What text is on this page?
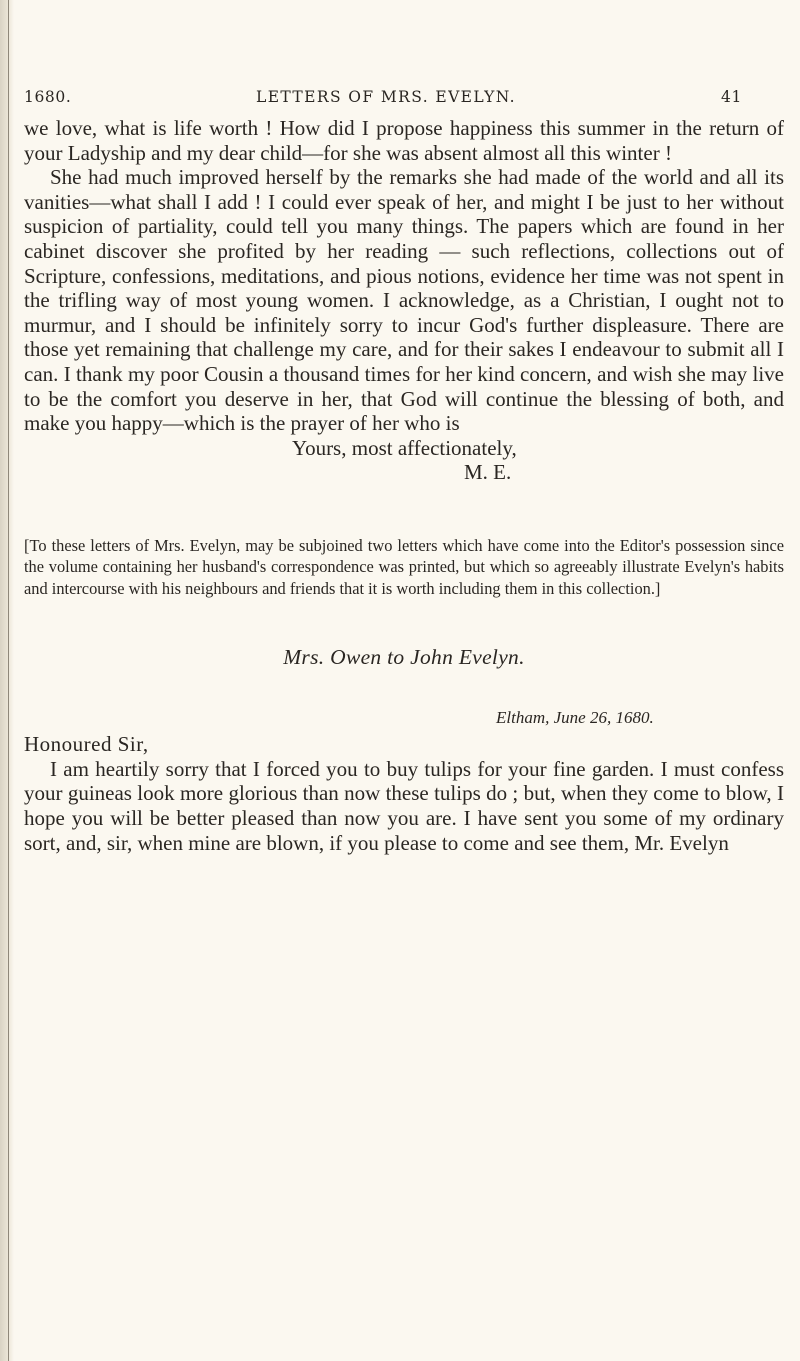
1680.	LETTERS OF MRS. EVELYN.	41

we love, what is life worth ! How did I propose happiness this summer in the return of your Ladyship and my dear child—for she was absent almost all this winter !

She had much improved herself by the remarks she had made of the world and all its vanities—what shall I add ! I could ever speak of her, and might I be just to her without suspicion of partiality, could tell you many things. The papers which are found in her cabinet discover she profited by her reading — such reflections, collections out of Scripture, confessions, meditations, and pious notions, evidence her time was not spent in the trifling way of most young women. I acknowledge, as a Christian, I ought not to murmur, and I should be infinitely sorry to incur God's further displeasure. There are those yet remaining that challenge my care, and for their sakes I endeavour to submit all I can. I thank my poor Cousin a thousand times for her kind concern, and wish she may live to be the comfort you deserve in her, that God will continue the blessing of both, and make you happy—which is the prayer of her who is

Yours, most affectionately,
M. E.
[To these letters of Mrs. Evelyn, may be subjoined two letters which have come into the Editor's possession since the volume containing her husband's correspondence was printed, but which so agreeably illustrate Evelyn's habits and intercourse with his neighbours and friends that it is worth including them in this collection.]
Mrs. Owen to John Evelyn.
Eltham, June 26, 1680.
Honoured Sir,
I am heartily sorry that I forced you to buy tulips for your fine garden. I must confess your guineas look more glorious than now these tulips do ; but, when they come to blow, I hope you will be better pleased than now you are. I have sent you some of my ordinary sort, and, sir, when mine are blown, if you please to come and see them, Mr. Evelyn
